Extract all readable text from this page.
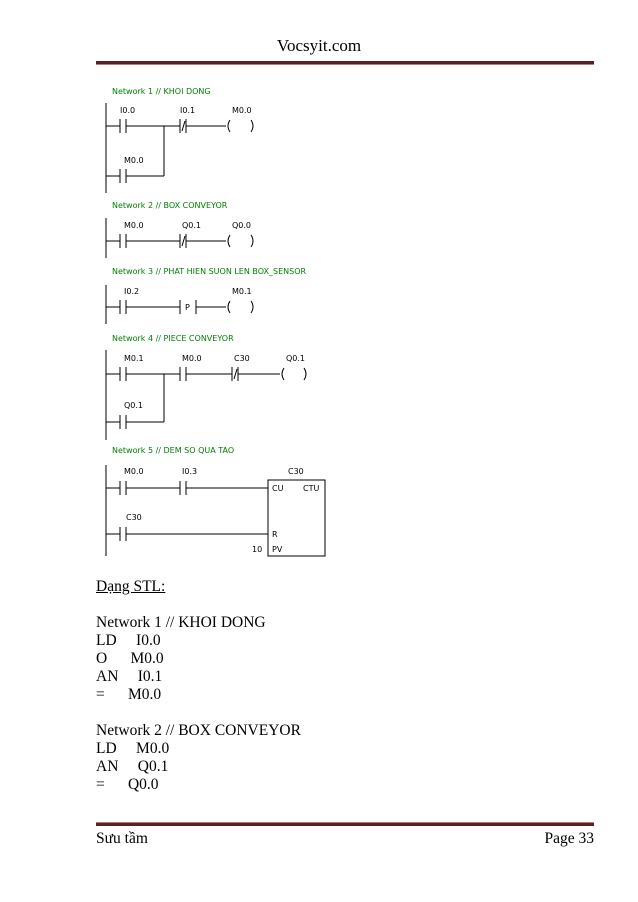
Vocsyit.com
Network 1 // KHOI DONG
I0.0	I0.1	M0.0
M0.0
Network 2 // BOX CONVEYOR
M0.0	Q0.1	Q0.0
Network 3 // PHAT HIEN SUON LEN BOX_SENSOR
I0.2
P
M0.1
Network 4 // PIECE CONVEYOR
M0.1	M0.0	C30	Q0.1
Q0.1
Network 5 // DEM SO QUA TAO
M0.0	I0.3	C30
CU CTU
C30
R
PV
10
Dạng STL:
Network 1 // KHOI DONG
LD     I0.0
O      M0.0
AN     I0.1
=      M0.0
Network 2 // BOX CONVEYOR
LD     M0.0
AN     Q0.1
=      Q0.0
Sưu tầm	Page 33
